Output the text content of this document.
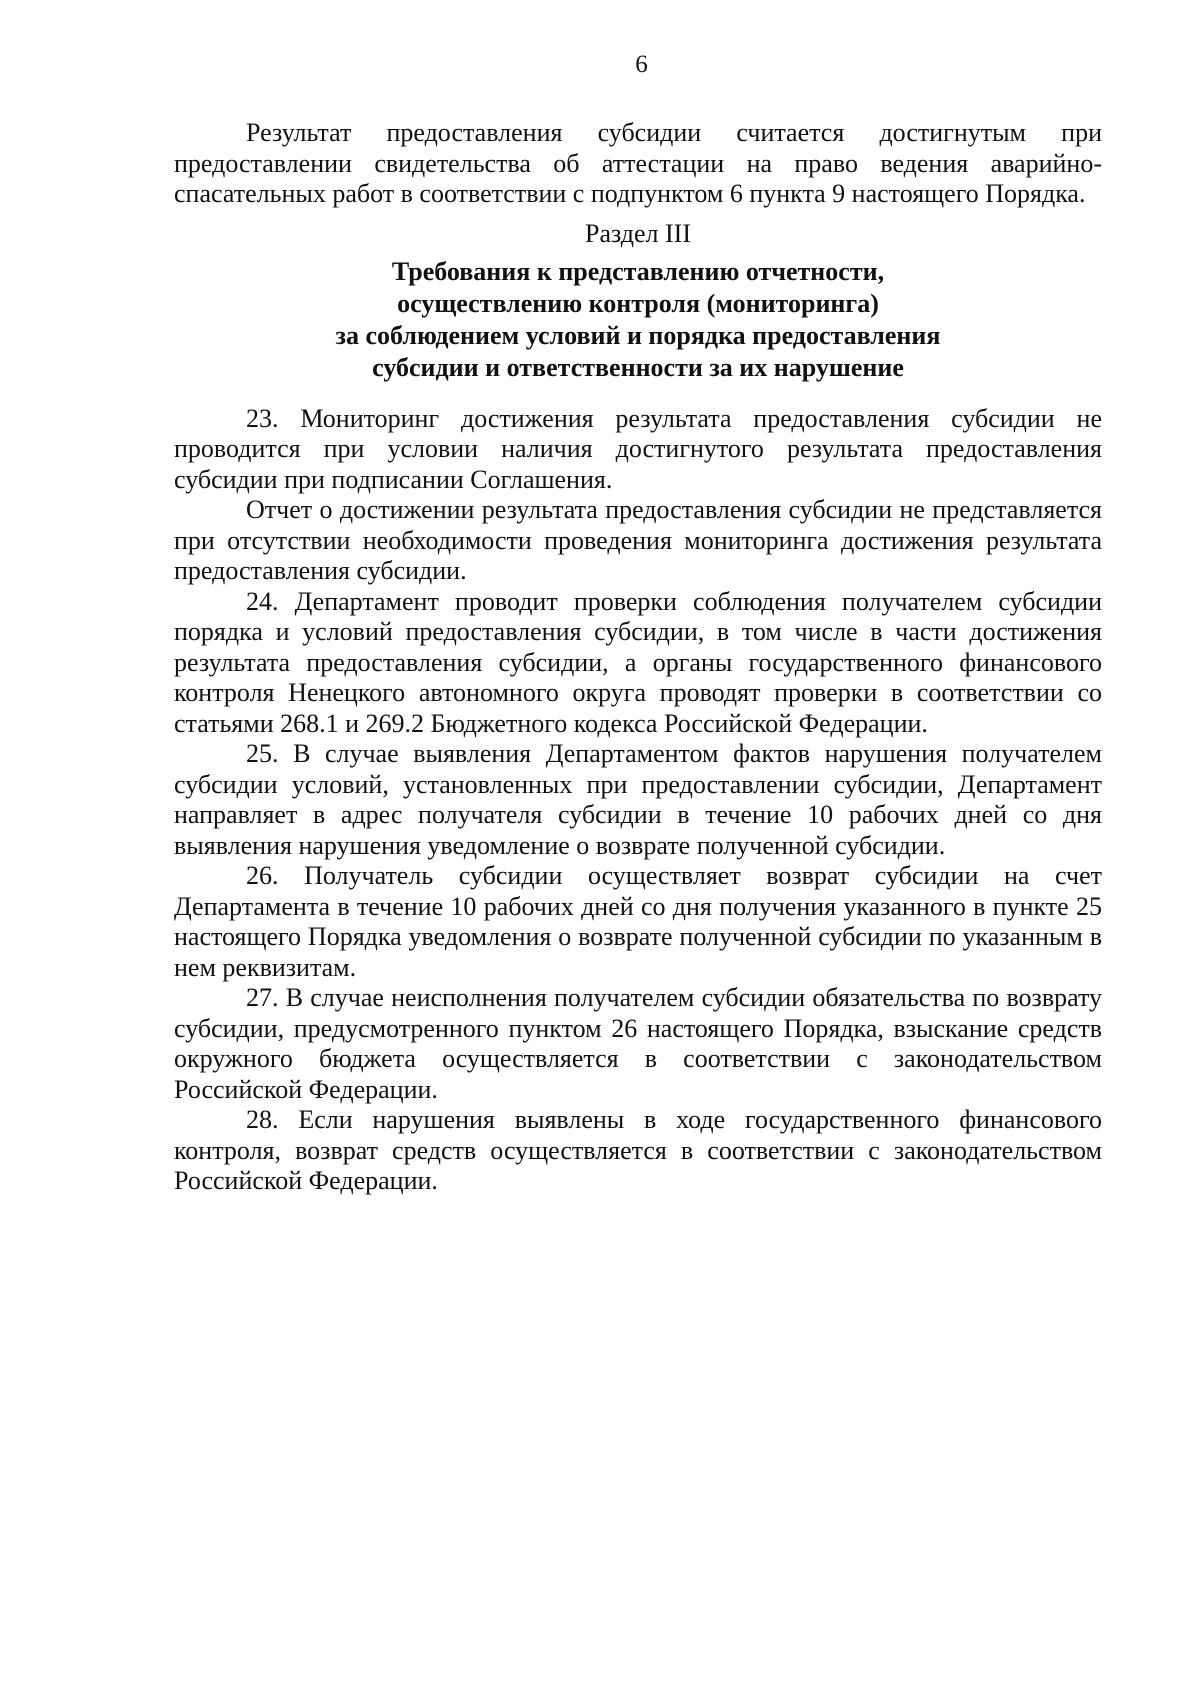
6

Результат предоставления субсидии считается достигнутым при предоставлении свидетельства об аттестации на право ведения аварийно-спасательных работ в соответствии с подпунктом 6 пункта 9 настоящего Порядка.

Раздел III

Требования к представлению отчетности,
осуществлению контроля (мониторинга)
за соблюдением условий и порядка предоставления
субсидии и ответственности за их нарушение

23. Мониторинг достижения результата предоставления субсидии не проводится при условии наличия достигнутого результата предоставления субсидии при подписании Соглашения.

Отчет о достижении результата предоставления субсидии не представляется при отсутствии необходимости проведения мониторинга достижения результата предоставления субсидии.

24. Департамент проводит проверки соблюдения получателем субсидии порядка и условий предоставления субсидии, в том числе в части достижения результата предоставления субсидии, а органы государственного финансового контроля Ненецкого автономного округа проводят проверки в соответствии со статьями 268.1 и 269.2 Бюджетного кодекса Российской Федерации.

25. В случае выявления Департаментом фактов нарушения получателем субсидии условий, установленных при предоставлении субсидии, Департамент направляет в адрес получателя субсидии в течение 10 рабочих дней со дня выявления нарушения уведомление о возврате полученной субсидии.

26. Получатель субсидии осуществляет возврат субсидии на счет Департамента в течение 10 рабочих дней со дня получения указанного в пункте 25 настоящего Порядка уведомления о возврате полученной субсидии по указанным в нем реквизитам.

27. В случае неисполнения получателем субсидии обязательства по возврату субсидии, предусмотренного пунктом 26 настоящего Порядка, взыскание средств окружного бюджета осуществляется в соответствии с законодательством Российской Федерации.

28. Если нарушения выявлены в ходе государственного финансового контроля, возврат средств осуществляется в соответствии с законодательством Российской Федерации.
